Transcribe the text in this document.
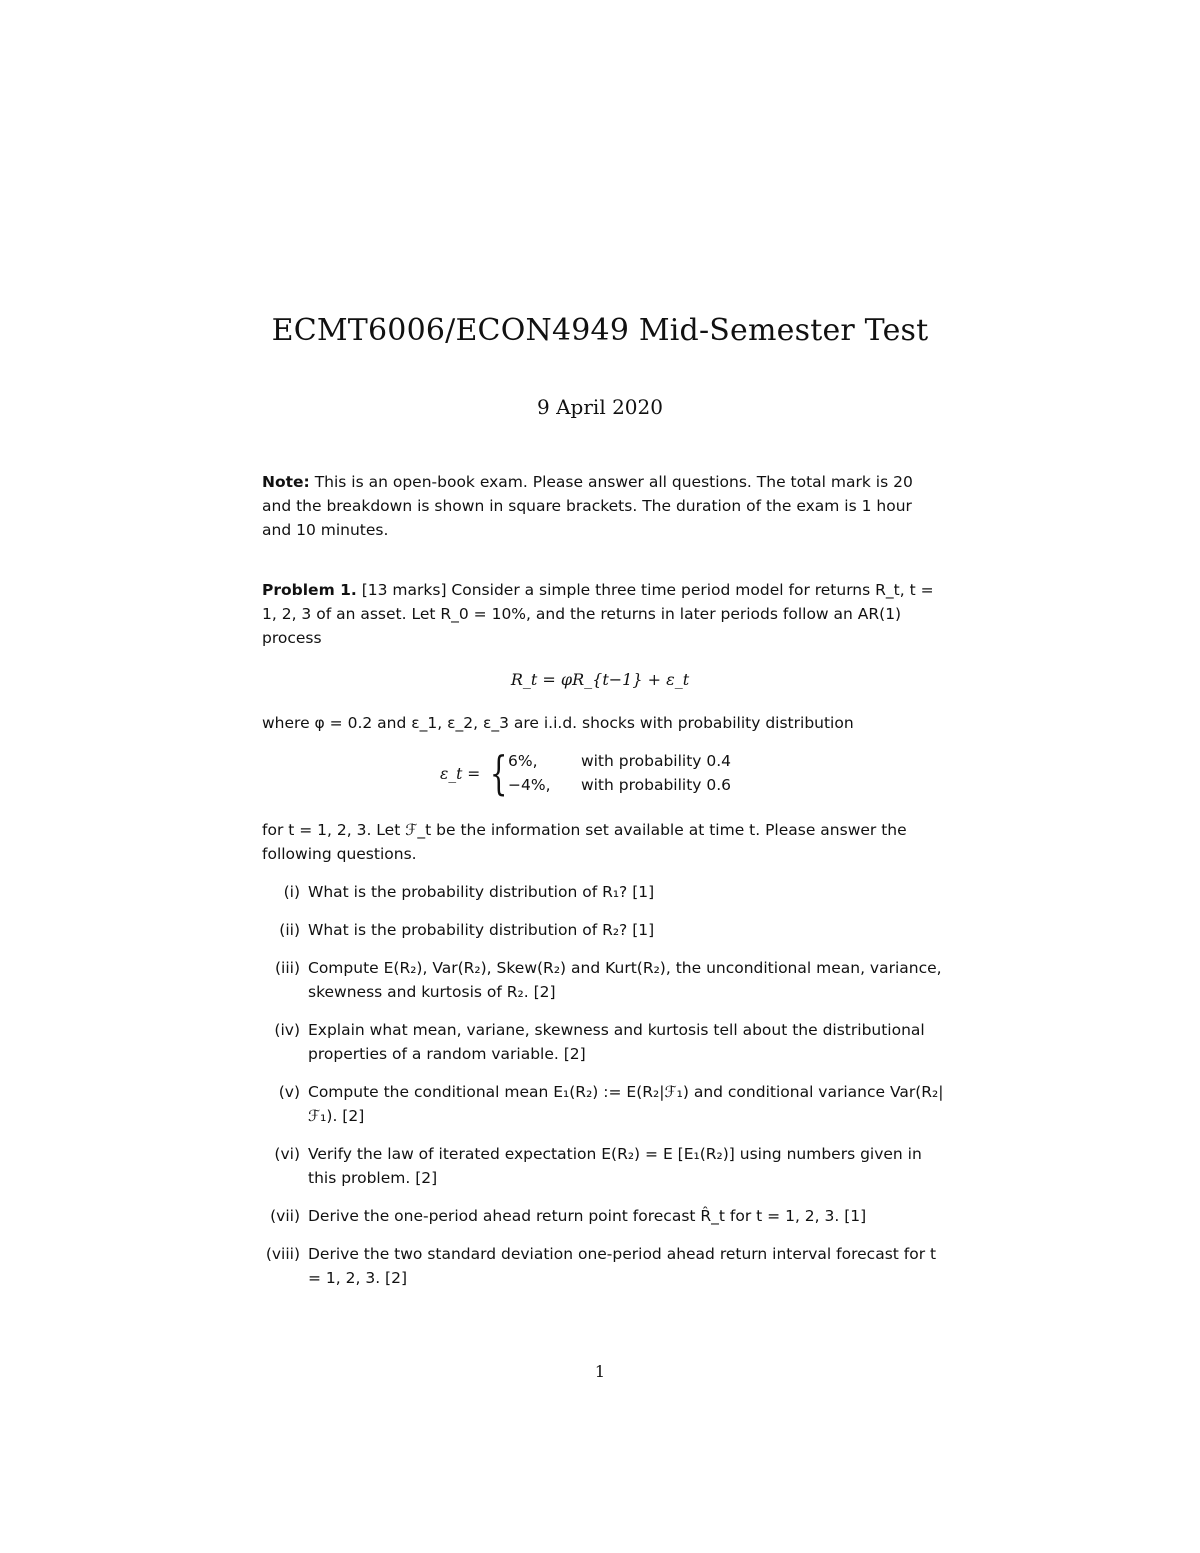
ECMT6006/ECON4949 Mid-Semester Test
9 April 2020
Note: This is an open-book exam. Please answer all questions. The total mark is 20 and the breakdown is shown in square brackets. The duration of the exam is 1 hour and 10 minutes.
Problem 1. [13 marks] Consider a simple three time period model for returns R_t, t = 1, 2, 3 of an asset. Let R_0 = 10%, and the returns in later periods follow an AR(1) process
R_t = φR_{t−1} + ε_t
where φ = 0.2 and ε_1, ε_2, ε_3 are i.i.d. shocks with probability distribution
ε_t = { 6%,	with probability 0.4
−4%, with probability 0.6
for t = 1, 2, 3. Let ℱ_t be the information set available at time t. Please answer the following questions.
(i) What is the probability distribution of R₁? [1]
(ii) What is the probability distribution of R₂? [1]
(iii) Compute E(R₂), Var(R₂), Skew(R₂) and Kurt(R₂), the unconditional mean, variance, skewness and kurtosis of R₂. [2]
(iv) Explain what mean, variane, skewness and kurtosis tell about the distributional properties of a random variable. [2]
(v) Compute the conditional mean E₁(R₂) := E(R₂|ℱ₁) and conditional variance Var(R₂|ℱ₁). [2]
(vi) Verify the law of iterated expectation E(R₂) = E [E₁(R₂)] using numbers given in this problem. [2]
(vii) Derive the one-period ahead return point forecast R̂_t for t = 1, 2, 3. [1]
(viii) Derive the two standard deviation one-period ahead return interval forecast for t = 1, 2, 3. [2]
1
